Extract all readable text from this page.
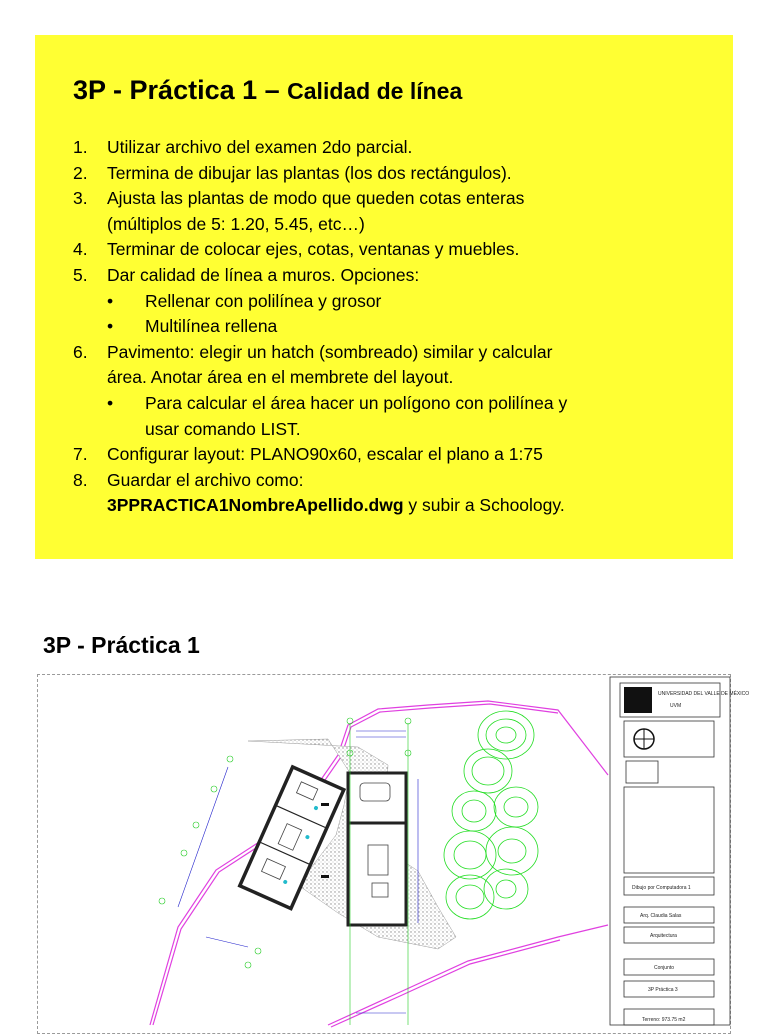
3P - Práctica 1 – Calidad de línea
1. Utilizar archivo del examen 2do parcial.
2. Termina de dibujar las plantas (los dos rectángulos).
3. Ajusta las plantas de modo que queden cotas enteras
(múltiplos de 5: 1.20, 5.45, etc…)
4. Terminar de colocar ejes, cotas, ventanas y muebles.
5. Dar calidad de línea a muros. Opciones:
• Rellenar con polilínea y grosor
• Multilínea rellena
6. Pavimento: elegir un hatch (sombreado) similar y calcular
área. Anotar área en el membrete del layout.
• Para calcular el área hacer un polígono con polilínea y
usar comando LIST.
7. Configurar layout: PLANO90x60, escalar el plano a 1:75
8. Guardar el archivo como:
3PPRACTICA1NombreApellido.dwg y subir a Schoology.
3P - Práctica 1
UNIVERSIDAD DEL VALLE DE MÉXICO
UVM
Dibujo por Computadora 1
Arq. Claudia Salas
Arquitectura
Conjunto
3P Práctica 3
Terreno: 973.75 m2
